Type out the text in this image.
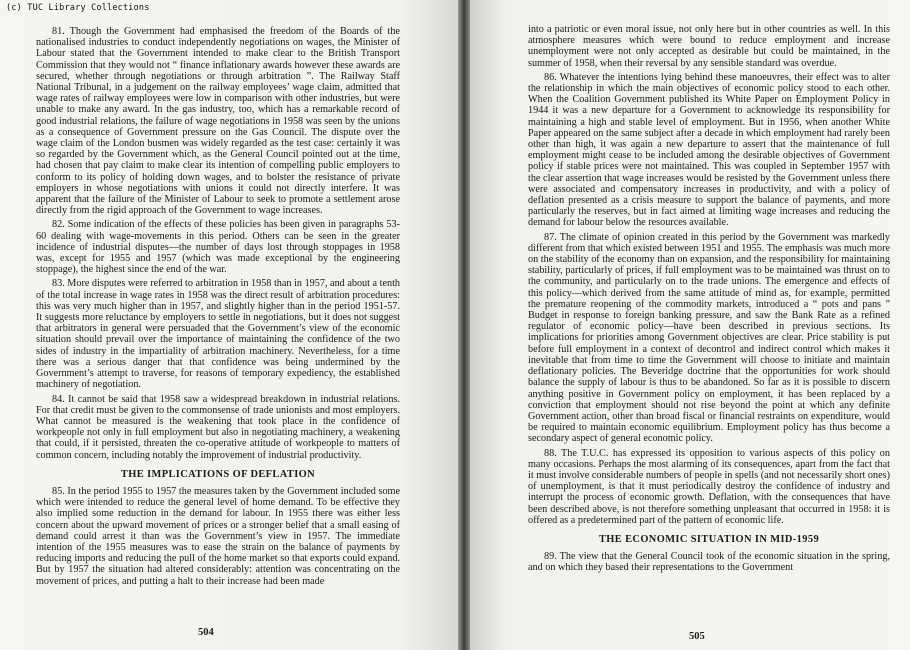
81. Though the Government had emphasised the freedom of the Boards of the nationalised industries to conduct independently negotiations on wages, the Minister of Labour stated that the Government intended to make clear to the British Transport Commission that they would not “ finance inflationary awards however these awards are secured, whether through negotiations or through arbitration ”. The Railway Staff National Tribunal, in a judgement on the railway employees’ wage claim, admitted that wage rates of railway employees were low in comparison with other industries, but were unable to make any award. In the gas industry, too, which has a remarkable record of good industrial relations, the failure of wage negotiations in 1958 was seen by the unions as a consequence of Government pressure on the Gas Council. The dispute over the wage claim of the London busmen was widely regarded as the test case: certainly it was so regarded by the Government which, as the General Council pointed out at the time, had chosen that pay claim to make clear its intention of compelling public employers to conform to its policy of holding down wages, and to bolster the resistance of private employers in whose negotiations with unions it could not directly interfere. It was apparent that the failure of the Minister of Labour to seek to promote a settlement arose directly from the rigid approach of the Government to wage increases.

82. Some indication of the effects of these policies has been given in paragraphs 53-60 dealing with wage-movements in this period. Others can be seen in the greater incidence of industrial disputes—the number of days lost through stoppages in 1958 was, except for 1955 and 1957 (which was made exceptional by the engineering stoppage), the highest since the end of the war.

83. More disputes were referred to arbitration in 1958 than in 1957, and about a tenth of the total increase in wage rates in 1958 was the direct result of arbitration procedures: this was very much higher than in 1957, and slightly higher than in the period 1951-57. It suggests more reluctance by employers to settle in negotiations, but it does not suggest that arbitrators in general were persuaded that the Government’s view of the economic situation should prevail over the importance of maintaining the confidence of the two sides of industry in the impartiality of arbitration machinery. Nevertheless, for a time there was a serious danger that that confidence was being undermined by the Government’s attempt to traverse, for reasons of temporary expediency, the established machinery of negotiation.

84. It cannot be said that 1958 saw a widespread breakdown in industrial relations. For that credit must be given to the commonsense of trade unionists and most employers. What cannot be measured is the weakening that took place in the confidence of workpeople not only in full employment but also in negotiating machinery, a weakening that could, if it persisted, threaten the co-operative attitude of workpeople to matters of common concern, including notably the improvement of industrial productivity.

THE IMPLICATIONS OF DEFLATION

85. In the period 1955 to 1957 the measures taken by the Government included some which were intended to reduce the general level of home demand. To be effective they also implied some reduction in the demand for labour. In 1955 there was either less concern about the upward movement of prices or a stronger belief that a small easing of demand could arrest it than was the Government’s view in 1957. The immediate intention of the 1955 measures was to ease the strain on the balance of payments by reducing imports and reducing the pull of the home market so that exports could expand. But by 1957 the situation had altered considerably: attention was concentrating on the movement of prices, and putting a halt to their increase had been made

504

into a patriotic or even moral issue, not only here but in other countries as well. In this atmosphere measures which were bound to reduce employment and increase unemployment were not only accepted as desirable but could be maintained, in the summer of 1958, when their reversal by any sensible standard was overdue.

86. Whatever the intentions lying behind these manoeuvres, their effect was to alter the relationship in which the main objectives of economic policy stood to each other. When the Coalition Government published its White Paper on Employment Policy in 1944 it was a new departure for a Government to acknowledge its responsibility for maintaining a high and stable level of employment. But in 1956, when another White Paper appeared on the same subject after a decade in which employment had rarely been other than high, it was again a new departure to assert that the maintenance of full employment might cease to be included among the desirable objectives of Government policy if stable prices were not maintained. This was coupled in September 1957 with the clear assertion that wage increases would be resisted by the Government unless there were associated and compensatory increases in productivity, and with a policy of deflation presented as a crisis measure to support the balance of payments, and more particularly the reserves, but in fact aimed at limiting wage increases and reducing the demand for labour below the resources available.

87. The climate of opinion created in this period by the Government was markedly different from that which existed between 1951 and 1955. The emphasis was much more on the stability of the economy than on expansion, and the responsibility for maintaining stability, particularly of prices, if full employment was to be maintained was thrust on to the community, and particularly on to the trade unions. The emergence and effects of this policy—which derived from the same attitude of mind as, for example, permitted the premature reopening of the commodity markets, introduced a “ pots and pans ” Budget in response to foreign banking pressure, and saw the Bank Rate as a refined regulator of economic policy—have been described in previous sections. Its implications for priorities among Government objectives are clear. Price stability is put before full employment in a context of decontrol and indirect control which makes it inevitable that from time to time the Government will choose to initiate and maintain deflationary policies. The Beveridge doctrine that the opportunities for work should balance the supply of labour is thus to be abandoned. So far as it is possible to discern anything positive in Government policy on employment, it has been replaced by a conviction that employment should not rise beyond the point at which any definite Government action, other than broad fiscal or financial restraints on expenditure, would be required to maintain economic equilibrium. Employment policy has thus become a secondary aspect of general economic policy.

88. The T.U.C. has expressed its opposition to various aspects of this policy on many occasions. Perhaps the most alarming of its consequences, apart from the fact that it must involve considerable numbers of people in spells (and not necessarily short ones) of unemployment, is that it must periodically destroy the confidence of industry and interrupt the process of economic growth. Deflation, with the consequences that have been described above, is not therefore something unpleasant that occurred in 1958: it is offered as a predetermined part of the pattern of economic life.

THE ECONOMIC SITUATION IN MID-1959

89. The view that the General Council took of the economic situation in the spring, and on which they based their representations to the Government

505
(c) TUC Library Collections
